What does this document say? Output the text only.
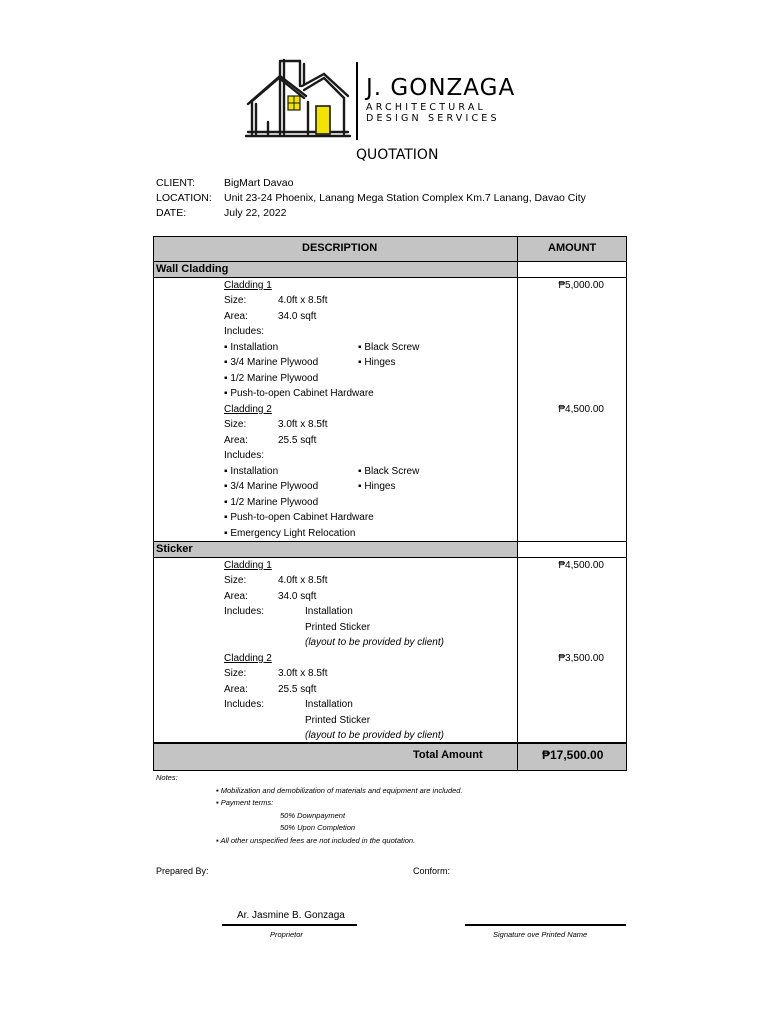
J. GONZAGA
ARCHITECTURAL
DESIGN SERVICES
QUOTATION
CLIENT:	BigMart Davao
LOCATION: Unit 23-24 Phoenix, Lanang Mega Station Complex Km.7 Lanang, Davao City
DATE:	July 22, 2022
DESCRIPTION	AMOUNT
Wall Cladding
Cladding 1	₱5,000.00
Size:	4.0ft x 8.5ft
Area:	34.0 sqft
Includes:
▪ Installation	▪ Black Screw
▪ 3/4 Marine Plywood	▪ Hinges
▪ 1/2 Marine Plywood
▪ Push-to-open Cabinet Hardware
Cladding 2	₱4,500.00
Size:	3.0ft x 8.5ft
Area:	25.5 sqft
Includes:
▪ Installation	▪ Black Screw
▪ 3/4 Marine Plywood	▪ Hinges
▪ 1/2 Marine Plywood
▪ Push-to-open Cabinet Hardware
▪ Emergency Light Relocation
Sticker
Cladding 1	₱4,500.00
Size:	4.0ft x 8.5ft
Area:	34.0 sqft
Includes:	Installation
Printed Sticker
(layout to be provided by client)
Cladding 2	₱3,500.00
Size:	3.0ft x 8.5ft
Area:	25.5 sqft
Includes:	Installation
Printed Sticker
(layout to be provided by client)
Total Amount	₱17,500.00
Notes:
▪ Mobilization and demobilization of materials and equipment are included.
▪ Payment terms:
50% Downpayment
50% Upon Completion
▪ All other unspecified fees are not included in the quotation.
Prepared By:	Conform:
Ar. Jasmine B. Gonzaga
Proprietor	Signature ove Printed Name
